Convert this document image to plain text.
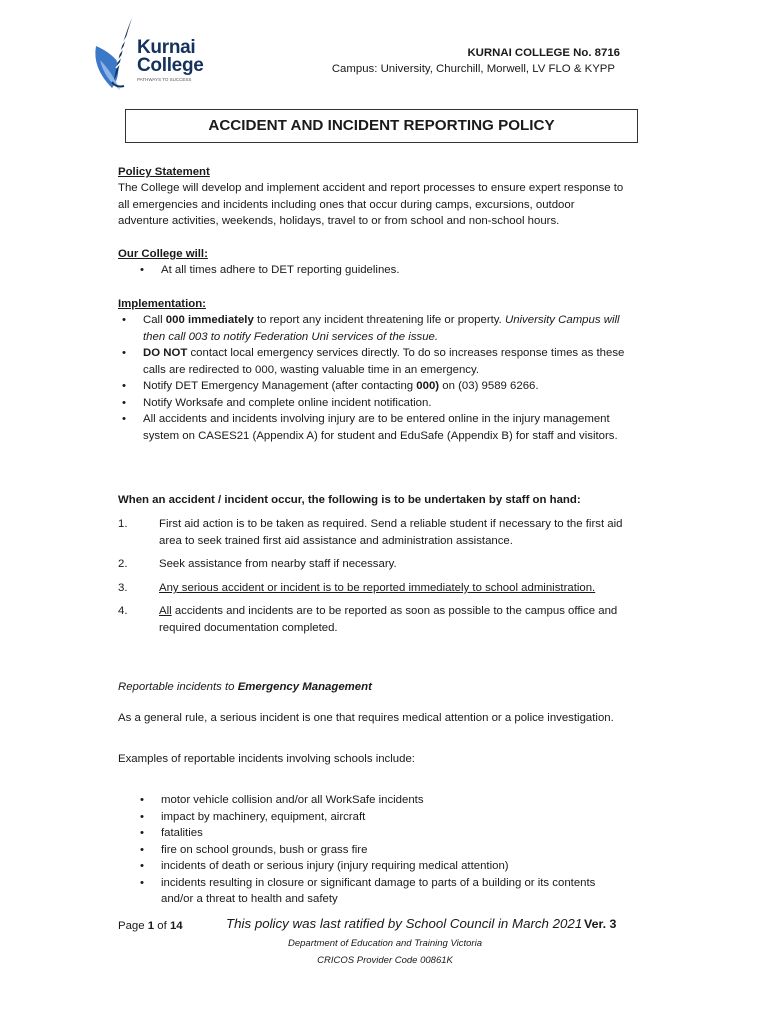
Kurnai
College
PATHWAYS TO SUCCESS
KURNAI COLLEGE No. 8716
Campus: University, Churchill, Morwell, LV FLO & KYPP
ACCIDENT AND INCIDENT REPORTING POLICY
Policy Statement
The College will develop and implement accident and report processes to ensure expert response to
all emergencies and incidents including ones that occur during camps, excursions, outdoor
adventure activities, weekends, holidays, travel to or from school and non-school hours.
Our College will:
• At all times adhere to DET reporting guidelines.
Implementation:
• Call 000 immediately to report any incident threatening life or property. University Campus will
then call 003 to notify Federation Uni services of the issue.
• DO NOT contact local emergency services directly. To do so increases response times as these
calls are redirected to 000, wasting valuable time in an emergency.
• Notify DET Emergency Management (after contacting 000) on (03) 9589 6266.
• Notify Worksafe and complete online incident notification.
• All accidents and incidents involving injury are to be entered online in the injury management
system on CASES21 (Appendix A) for student and EduSafe (Appendix B) for staff and visitors.
When an accident / incident occur, the following is to be undertaken by staff on hand:
1.	First aid action is to be taken as required. Send a reliable student if necessary to the first aid
area to seek trained first aid assistance and administration assistance.
2.	Seek assistance from nearby staff if necessary.
3.	Any serious accident or incident is to be reported immediately to school administration.
4.	All accidents and incidents are to be reported as soon as possible to the campus office and
required documentation completed.
Reportable incidents to Emergency Management
As a general rule, a serious incident is one that requires medical attention or a police investigation.
Examples of reportable incidents involving schools include:
• motor vehicle collision and/or all WorkSafe incidents
• impact by machinery, equipment, aircraft
• fatalities
• fire on school grounds, bush or grass fire
• incidents of death or serious injury (injury requiring medical attention)
• incidents resulting in closure or significant damage to parts of a building or its contents
and/or a threat to health and safety
Page 1 of 14	This policy was last ratified by School Council in March 2021 Ver. 3
Department of Education and Training Victoria
CRICOS Provider Code 00861K
